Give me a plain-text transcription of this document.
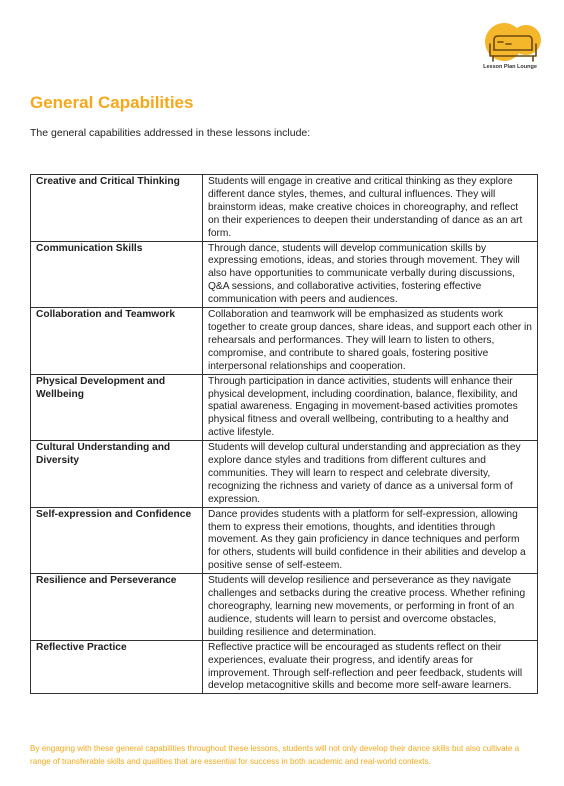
Lesson Plan Lounge
General Capabilities
The general capabilities addressed in these lessons include:
Creative and Critical Thinking	Students will engage in creative and critical thinking as they explore different dance styles, themes, and cultural influences. They will brainstorm ideas, make creative choices in choreography, and reflect on their experiences to deepen their understanding of dance as an art form.
Communication Skills	Through dance, students will develop communication skills by expressing emotions, ideas, and stories through movement. They will also have opportunities to communicate verbally during discussions, Q&A sessions, and collaborative activities, fostering effective communication with peers and audiences.
Collaboration and Teamwork	Collaboration and teamwork will be emphasized as students work together to create group dances, share ideas, and support each other in rehearsals and performances. They will learn to listen to others, compromise, and contribute to shared goals, fostering positive interpersonal relationships and cooperation.
Physical Development and Wellbeing	Through participation in dance activities, students will enhance their physical development, including coordination, balance, flexibility, and spatial awareness. Engaging in movement-based activities promotes physical fitness and overall wellbeing, contributing to a healthy and active lifestyle.
Cultural Understanding and Diversity	Students will develop cultural understanding and appreciation as they explore dance styles and traditions from different cultures and communities. They will learn to respect and celebrate diversity, recognizing the richness and variety of dance as a universal form of expression.
Self-expression and Confidence	Dance provides students with a platform for self-expression, allowing them to express their emotions, thoughts, and identities through movement. As they gain proficiency in dance techniques and perform for others, students will build confidence in their abilities and develop a positive sense of self-esteem.
Resilience and Perseverance	Students will develop resilience and perseverance as they navigate challenges and setbacks during the creative process. Whether refining choreography, learning new movements, or performing in front of an audience, students will learn to persist and overcome obstacles, building resilience and determination.
Reflective Practice	Reflective practice will be encouraged as students reflect on their experiences, evaluate their progress, and identify areas for improvement. Through self-reflection and peer feedback, students will develop metacognitive skills and become more self-aware learners.
By engaging with these general capabilities throughout these lessons, students will not only develop their dance skills but also cultivate a range of transferable skills and qualities that are essential for success in both academic and real-world contexts.
